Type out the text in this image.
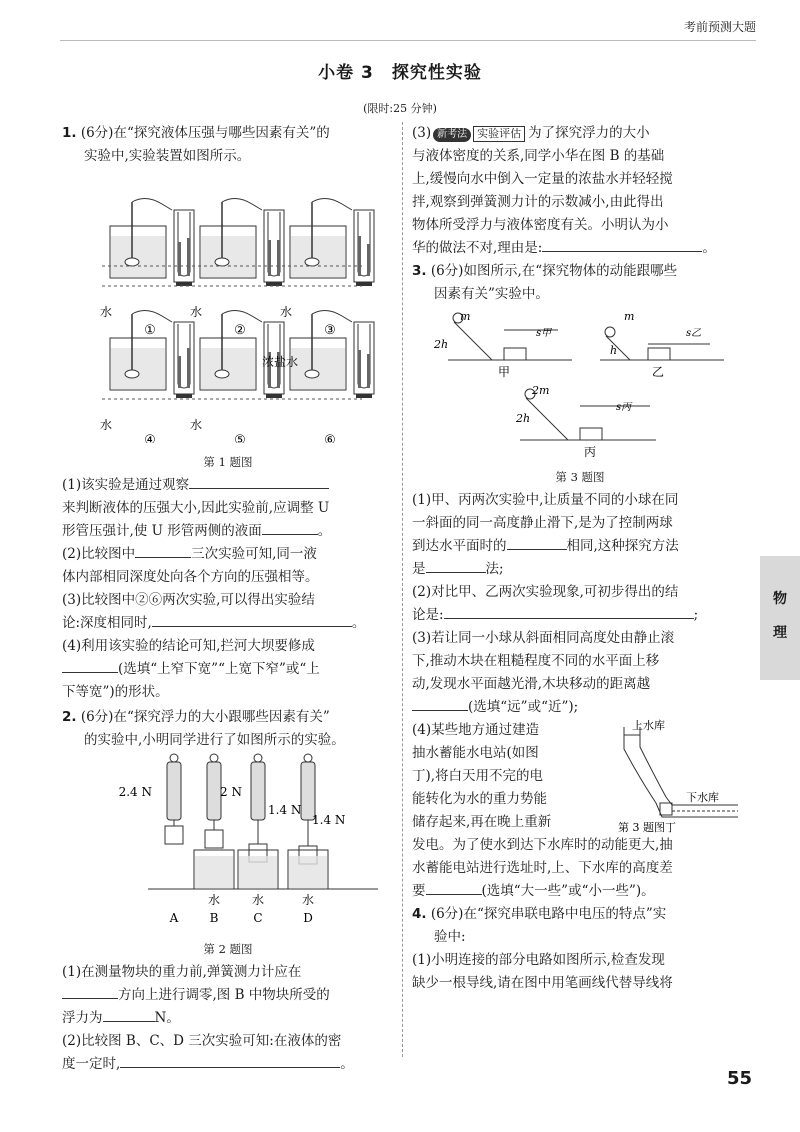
考前预测大题
小卷 3　探究性实验
(限时:25 分钟)

1. (6分)在“探究液体压强与哪些因素有关”的

实验中,实验装置如图所示。

水	水	水
水	水
浓盐水
①	②	③
④	⑤	⑥

第 1 题图

(1)该实验是通过观察

来判断液体的压强大小,因此实验前,应调整 U

形管压强计,使 U 形管两侧的液面	。

(2)比较图中	三次实验可知,同一液

体内部相同深度处向各个方向的压强相等。

(3)比较图中②⑥两次实验,可以得出实验结

论:深度相同时,	。

(4)利用该实验的结论可知,拦河大坝要修成

(选填“上窄下宽”“上宽下窄”或“上

下等宽”)的形状。

2. (6分)在“探究浮力的大小跟哪些因素有关”

的实验中,小明同学进行了如图所示的实验。

2.4 N	2 N
1.4 N
1.4 N
水	水	水
A	B	C	D

第 2 题图

(1)在测量物块的重力前,弹簧测力计应在

方向上进行调零,图 B 中物块所受的

浮力为	N。

(2)比较图 B、C、D 三次实验可知:在液体的密

度一定时,	。

(3) 新考法 实验评估 为了探究浮力的大小

与液体密度的关系,同学小华在图 B 的基础

上,缓慢向水中倒入一定量的浓盐水并轻轻搅

拌,观察到弹簧测力计的示数减小,由此得出

物体所受浮力与液体密度有关。小明认为小

华的做法不对,理由是:	。

3. (6分)如图所示,在“探究物体的动能跟哪些

因素有关”实验中。

m
2h
s甲
甲
m
h
s乙
乙
2m
2h
s丙
丙

第 3 题图

(1)甲、丙两次实验中,让质量不同的小球在同

一斜面的同一高度静止滑下,是为了控制两球

到达水平面时的	相同,这种探究方法

是	法;

(2)对比甲、乙两次实验现象,可初步得出的结

论是:	;

(3)若让同一小球从斜面相同高度处由静止滚

下,推动木块在粗糙程度不同的水平面上移

动,发现水平面越光滑,木块移动的距离越

(选填“远”或“近”);

(4)某些地方通过建造

抽水蓄能水电站(如图

丁),将白天用不完的电

能转化为水的重力势能

储存起来,再在晚上重新

上水库
下水库
第 3 题图丁

发电。为了使水到达下水库时的动能更大,抽

水蓄能电站进行选址时,上、下水库的高度差

要	(选填“大一些”或“小一些”)。

4. (6分)在“探究串联电路中电压的特点”实

验中:

(1)小明连接的部分电路如图所示,检查发现

缺少一根导线,请在图中用笔画线代替导线将

物
理
55
